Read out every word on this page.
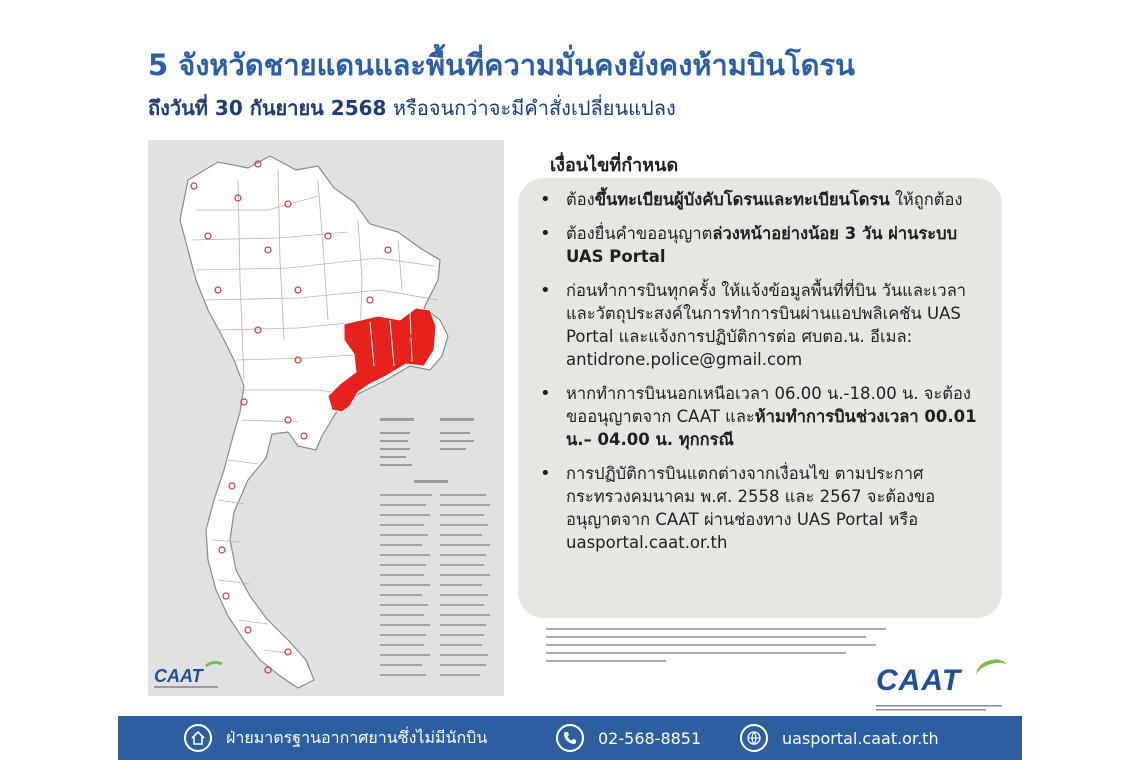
5 จังหวัดชายแดนและพื้นที่ความมั่นคงยังคงห้ามบินโดรน
ถึงวันที่ 30 กันยายน 2568 หรือจนกว่าจะมีคำสั่งเปลี่ยนแปลง
CAAT
เงื่อนไขที่กำหนด
• ต้องขึ้นทะเบียนผู้บังคับโดรนและทะเบียนโดรน ให้ถูกต้อง
• ต้องยื่นคำขออนุญาตล่วงหน้าอย่างน้อย 3 วัน ผ่านระบบ UAS Portal
• ก่อนทำการบินทุกครั้ง ให้แจ้งข้อมูลพื้นที่ที่บิน วันและเวลา และวัตถุประสงค์ในการทำการบินผ่านแอปพลิเคชัน UAS Portal และแจ้งการปฏิบัติการต่อ ศบตอ.น. อีเมล: antidrone.police@gmail.com
• หากทำการบินนอกเหนือเวลา 06.00 น.-18.00 น. จะต้องขออนุญาตจาก CAAT และห้ามทำการบินช่วงเวลา 00.01 น.– 04.00 น. ทุกกรณี
• การปฏิบัติการบินแตกต่างจากเงื่อนไข ตามประกาศกระทรวงคมนาคม พ.ศ. 2558 และ 2567 จะต้องขออนุญาตจาก CAAT ผ่านช่องทาง UAS Portal หรือ uasportal.caat.or.th
CAAT
ฝ่ายมาตรฐานอากาศยานซึ่งไม่มีนักบิน	02-568-8851	uasportal.caat.or.th
